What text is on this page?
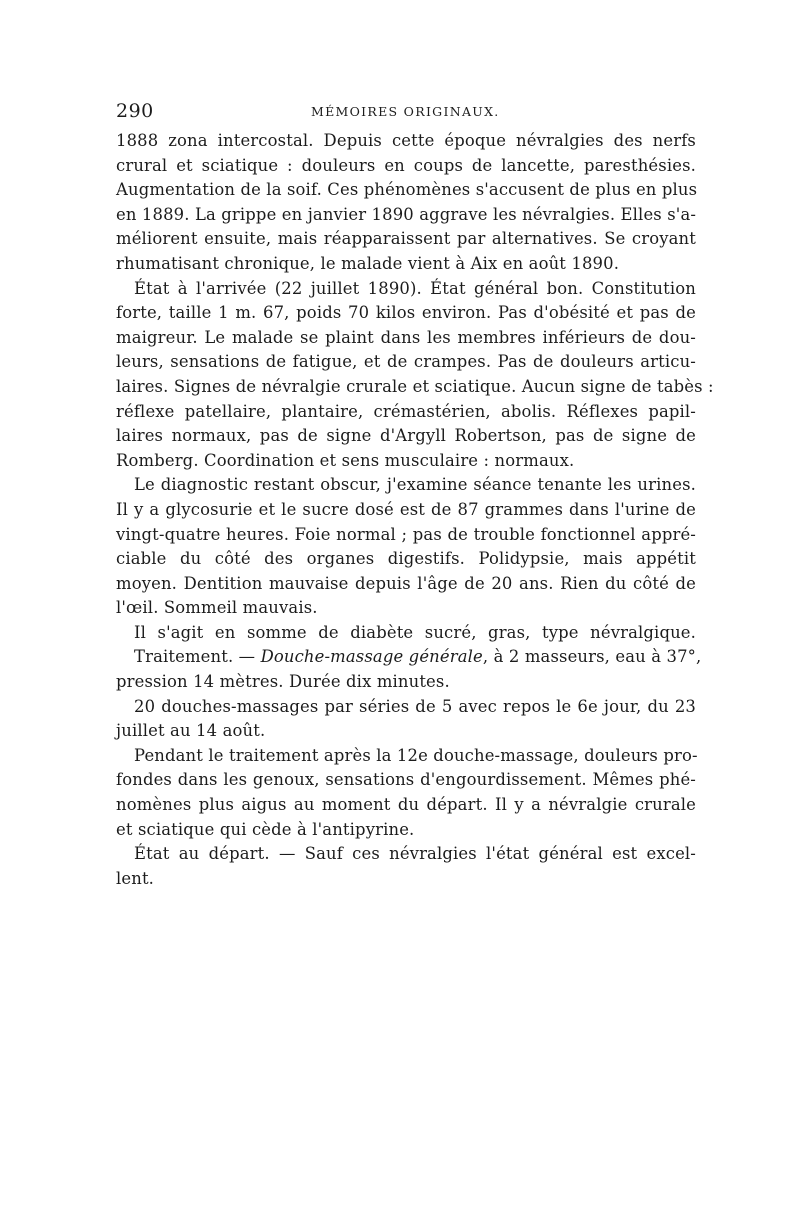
290	MÉMOIRES ORIGINAUX.
1888 zona intercostal. Depuis cette époque névralgies des nerfs
crural et sciatique : douleurs en coups de lancette, paresthésies.
Augmentation de la soif. Ces phénomènes s'accusent de plus en plus
en 1889. La grippe en janvier 1890 aggrave les névralgies. Elles s'a-
méliorent ensuite, mais réapparaissent par alternatives. Se croyant
rhumatisant chronique, le malade vient à Aix en août 1890.
État à l'arrivée (22 juillet 1890). État général bon. Constitution
forte, taille 1 m. 67, poids 70 kilos environ. Pas d'obésité et pas de
maigreur. Le malade se plaint dans les membres inférieurs de dou-
leurs, sensations de fatigue, et de crampes. Pas de douleurs articu-
laires. Signes de névralgie crurale et sciatique. Aucun signe de tabès :
réflexe patellaire, plantaire, crémastérien, abolis. Réflexes papil-
laires normaux, pas de signe d'Argyll Robertson, pas de signe de
Romberg. Coordination et sens musculaire : normaux.
Le diagnostic restant obscur, j'examine séance tenante les urines.
Il y a glycosurie et le sucre dosé est de 87 grammes dans l'urine de
vingt-quatre heures. Foie normal ; pas de trouble fonctionnel appré-
ciable du côté des organes digestifs. Polidypsie, mais appétit
moyen. Dentition mauvaise depuis l'âge de 20 ans. Rien du côté de
l'œil. Sommeil mauvais.
Il s'agit en somme de diabète sucré, gras, type névralgique.
Traitement. — Douche-massage générale, à 2 masseurs, eau à 37°,
pression 14 mètres. Durée dix minutes.
20 douches-massages par séries de 5 avec repos le 6e jour, du 23
juillet au 14 août.
Pendant le traitement après la 12e douche-massage, douleurs pro-
fondes dans les genoux, sensations d'engourdissement. Mêmes phé-
nomènes plus aigus au moment du départ. Il y a névralgie crurale
et sciatique qui cède à l'antipyrine.
État au départ. — Sauf ces névralgies l'état général est excel-
lent.
